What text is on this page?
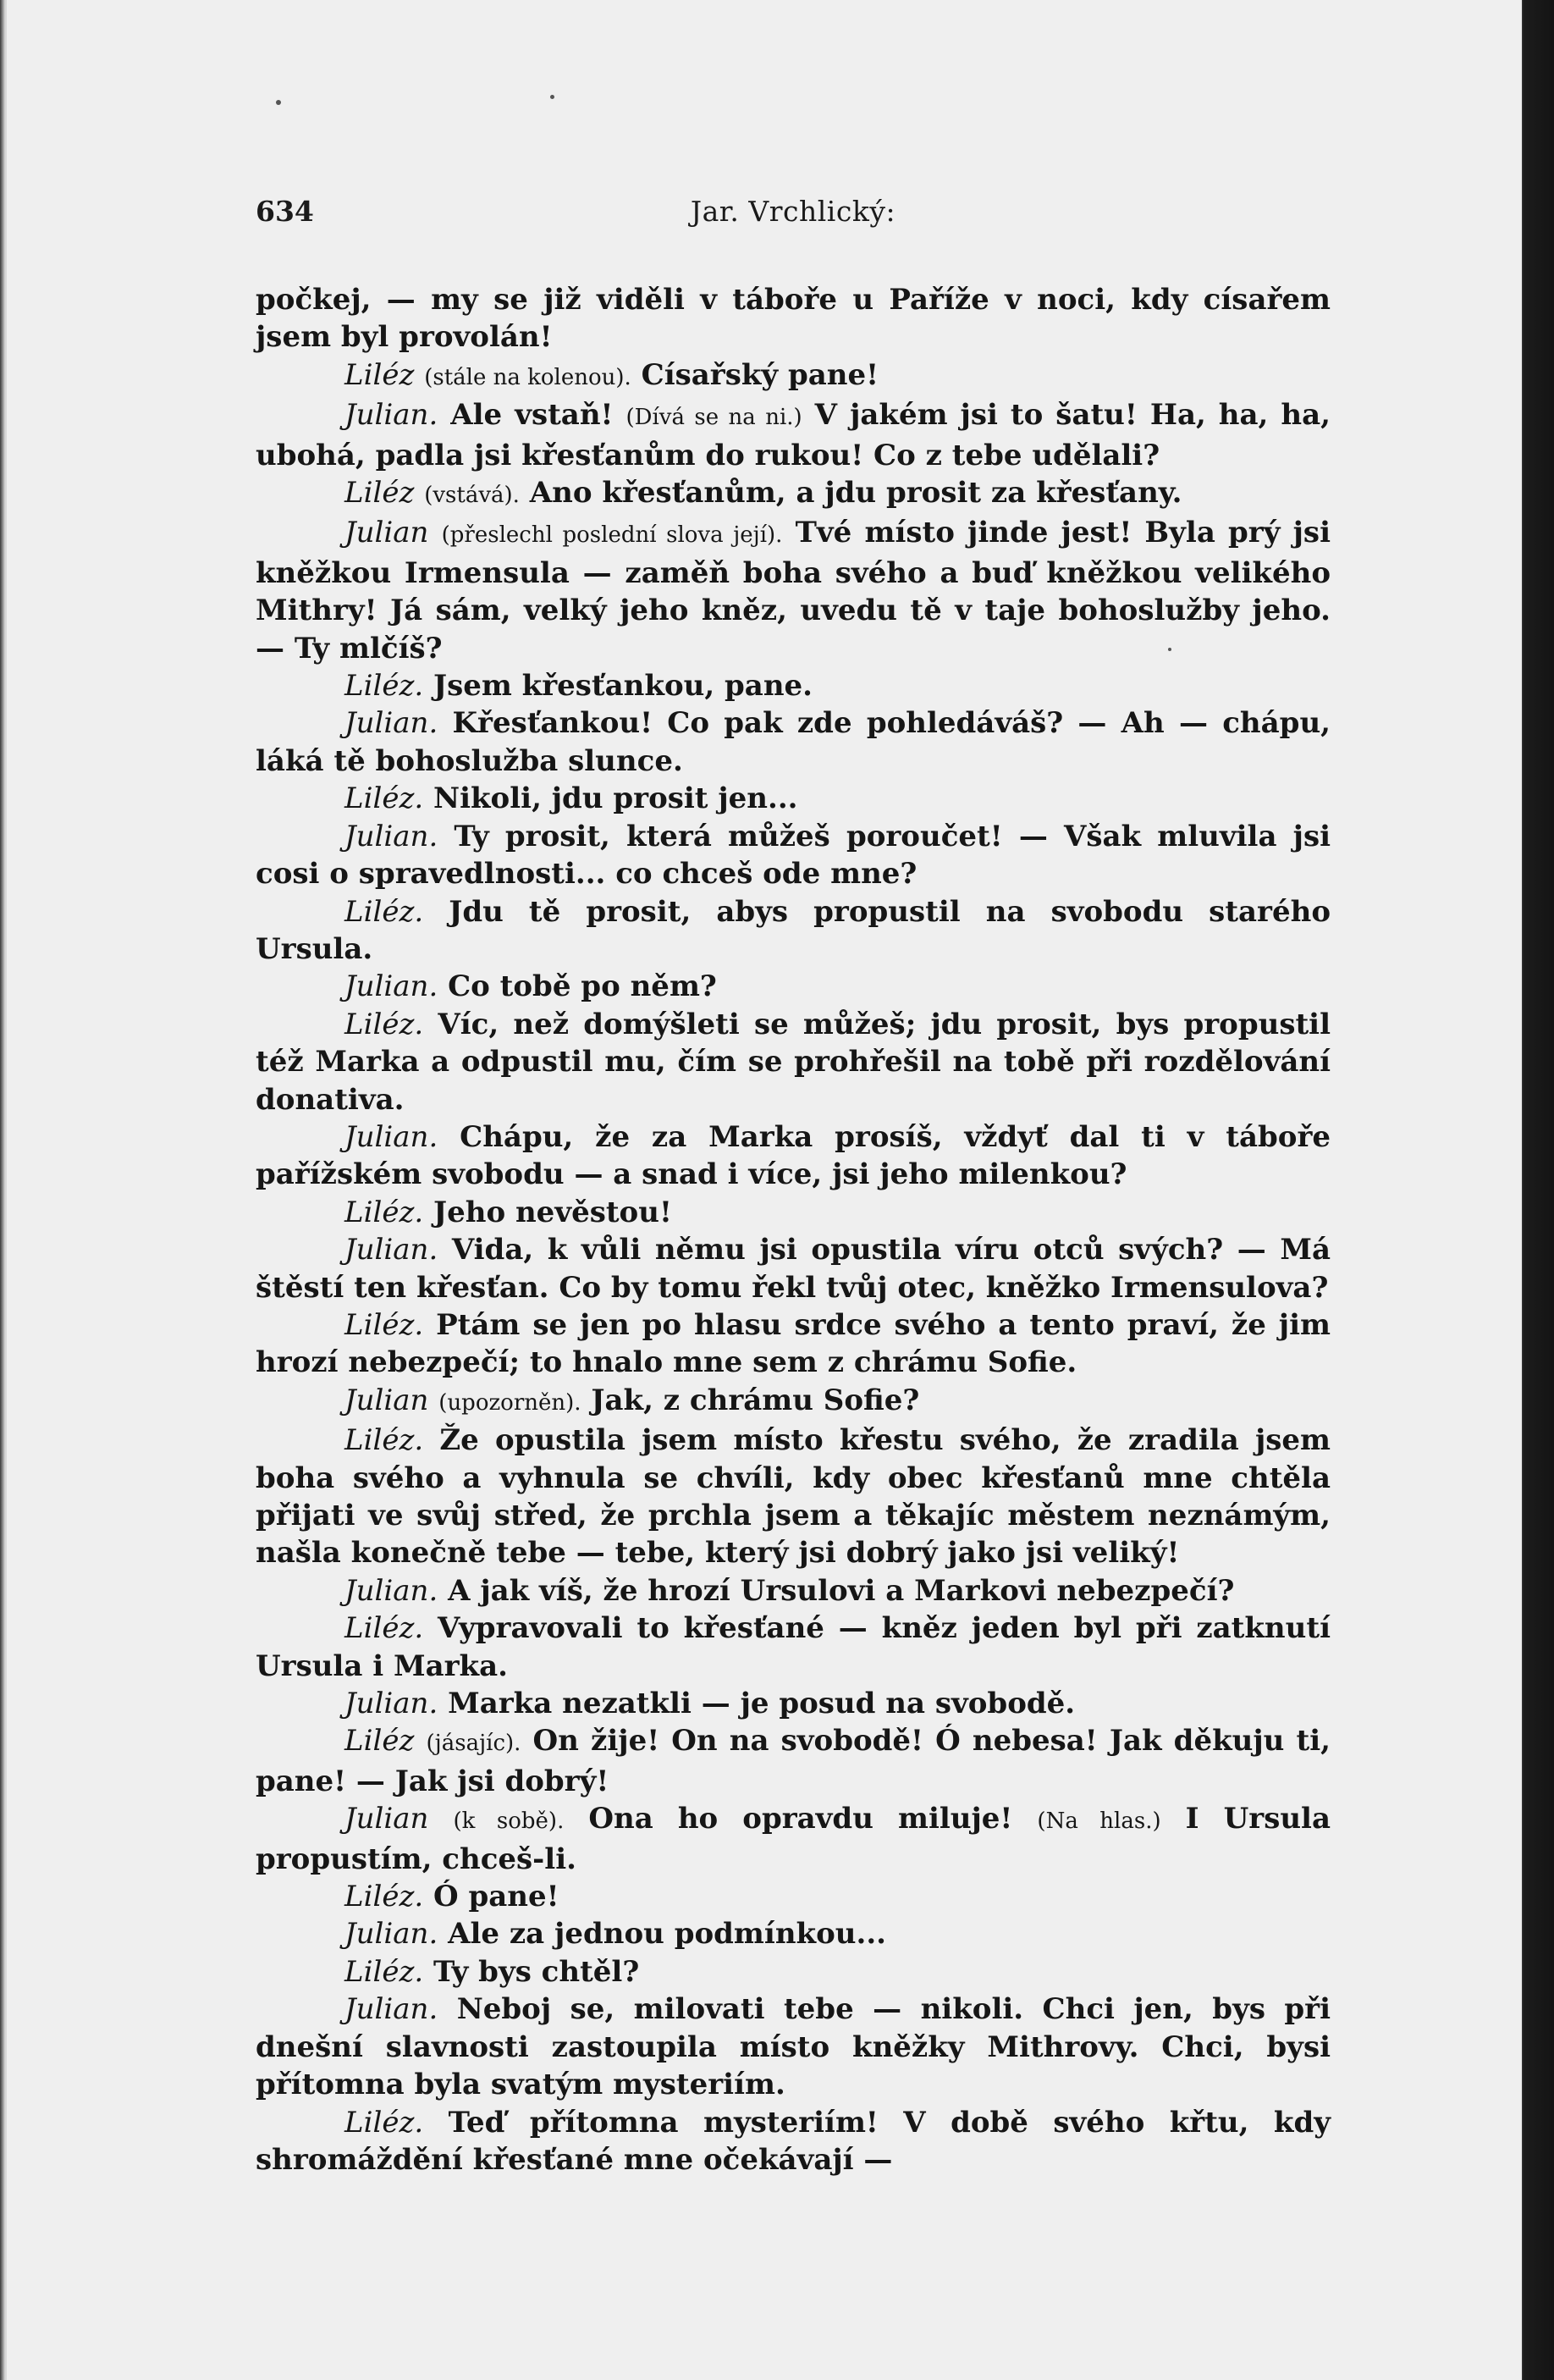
634	Jar. Vrchlický:

počkej, — my se již viděli v táboře u Paříže v noci, kdy císařem jsem byl provolán!

Liléz (stále na kolenou). Císařský pane!

Julian. Ale vstaň! (Dívá se na ni.) V jakém jsi to šatu! Ha, ha, ha, ubohá, padla jsi křesťanům do rukou! Co z tebe udělali?

Liléz (vstává). Ano křesťanům, a jdu prosit za křesťany.

Julian (přeslechl poslední slova její). Tvé místo jinde jest! Byla prý jsi kněžkou Irmensula — zaměň boha svého a buď kněžkou velikého Mithry! Já sám, velký jeho kněz, uvedu tě v taje bohoslužby jeho. — Ty mlčíš?

Liléz. Jsem křesťankou, pane.

Julian. Křesťankou! Co pak zde pohledáváš? — Ah — chápu, láká tě bohoslužba slunce.

Liléz. Nikoli, jdu prosit jen...

Julian. Ty prosit, která můžeš poroučet! — Však mluvila jsi cosi o spravedlnosti... co chceš ode mne?

Liléz. Jdu tě prosit, abys propustil na svobodu starého Ursula.

Julian. Co tobě po něm?

Liléz. Víc, než domýšleti se můžeš; jdu prosit, bys propustil též Marka a odpustil mu, čím se prohřešil na tobě při rozdělování donativa.

Julian. Chápu, že za Marka prosíš, vždyť dal ti v táboře pařížském svobodu — a snad i více, jsi jeho milenkou?

Liléz. Jeho nevěstou!

Julian. Vida, k vůli němu jsi opustila víru otců svých? — Má štěstí ten křesťan. Co by tomu řekl tvůj otec, kněžko Irmensulova?

Liléz. Ptám se jen po hlasu srdce svého a tento praví, že jim hrozí nebezpečí; to hnalo mne sem z chrámu Sofie.

Julian (upozorněn). Jak, z chrámu Sofie?

Liléz. Že opustila jsem místo křestu svého, že zradila jsem boha svého a vyhnula se chvíli, kdy obec křesťanů mne chtěla přijati ve svůj střed, že prchla jsem a těkajíc městem neznámým, našla konečně tebe — tebe, který jsi dobrý jako jsi veliký!

Julian. A jak víš, že hrozí Ursulovi a Markovi nebezpečí?

Liléz. Vypravovali to křesťané — kněz jeden byl při zatknutí Ursula i Marka.

Julian. Marka nezatkli — je posud na svobodě.

Liléz (jásajíc). On žije! On na svobodě! Ó nebesa! Jak děkuju ti, pane! — Jak jsi dobrý!

Julian (k sobě). Ona ho opravdu miluje! (Na hlas.) I Ursula propustím, chceš-li.

Liléz. Ó pane!

Julian. Ale za jednou podmínkou...

Liléz. Ty bys chtěl?

Julian. Neboj se, milovati tebe — nikoli. Chci jen, bys při dnešní slavnosti zastoupila místo kněžky Mithrovy. Chci, bysi přítomna byla svatým mysteriím.

Liléz. Teď přítomna mysteriím! V době svého křtu, kdy shromáždění křesťané mne očekávají —
